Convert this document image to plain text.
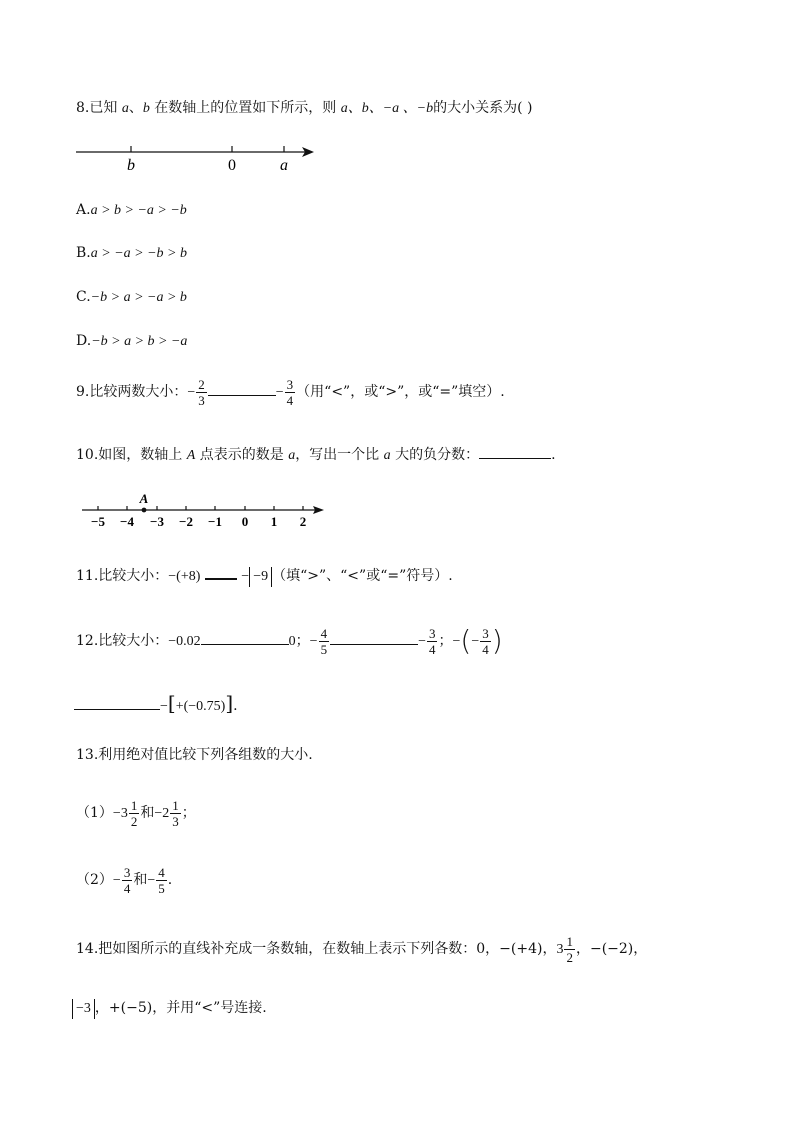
8.已知 a、b 在数轴上的位置如下所示，则 a、b、−a 、−b的大小关系为( )
b	0	a
A.a > b > −a > −b
B.a > −a > −b > b
C.−b > a > −a > b
D.−b > a > b > −a
9.比较两数大小：− $\frac{2}{3}$	− $\frac{3}{4}$ （用“<”，或“>”，或“=”填空）.
10.如图，数轴上 A 点表示的数是 a，写出一个比 a 大的负分数：	.
A
−5 −4 −3 −2 −1 0 1 2
11.比较大小：−(+8)	− −9 （填“>”、“<”或“=”符号）.
12.比较大小：−0.02	0；− $\frac{4}{5}$	− $\frac{3}{4}$ ；−(− $\frac{3}{4}$ )
−[+(−0.75)].
13.利用绝对值比较下列各组数的大小.
$(1)-3 \frac{1}{2}$ 和$-2 \frac{1}{3}$ ；
$(2)- \frac{3}{4}$ 和− $\frac{4}{5}$ .
14.把如图所示的直线补充成一条数轴，在数轴上表示下列各数：0，−(+4)，$3 \frac{1}{2}$ ，−(−2)，
−3 ，+(−5)，并用“<”号连接.
